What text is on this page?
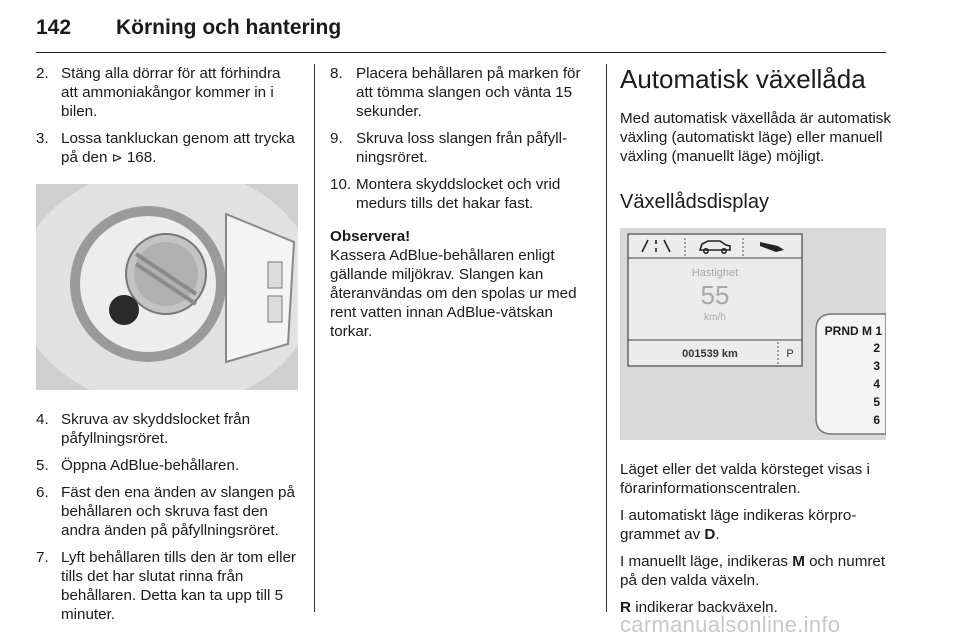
142 Körning och hantering
2. Stäng alla dörrar för att förhindra att ammoniakångor kommer in i bilen.
3. Lossa tankluckan genom att trycka på den ⊳ 168.
4. Skruva av skyddslocket från påfyllningsröret.
5. Öppna AdBlue-behållaren.
6. Fäst den ena änden av slangen på behållaren och skruva fast den andra änden på påfyllningsröret.
7. Lyft behållaren tills den är tom eller tills det har slutat rinna från behållaren. Detta kan ta upp till 5 minuter.
8. Placera behållaren på marken för att tömma slangen och vänta 15 sekunder.
9. Skruva loss slangen från påfyllningsröret.
10. Montera skyddslocket och vrid medurs tills det hakar fast.
Observera!
Kassera AdBlue-behållaren enligt gällande miljökrav. Slangen kan återanvändas om den spolas ur med rent vatten innan AdBlue-vätskan torkar.
Automatisk växellåda
Med automatisk växellåda är automatisk växling (automatiskt läge) eller manuell växling (manuellt läge) möjligt.
Växellådsdisplay
Hastighet
55
km/h
001539 km	P
PRND M 1
2
3
4
5
6
Läget eller det valda körsteget visas i förarinformationscentralen.
I automatiskt läge indikeras körprogrammet av D.
I manuellt läge, indikeras M och numret på den valda växeln.
R indikerar backväxeln.
carmanualsonline.info
